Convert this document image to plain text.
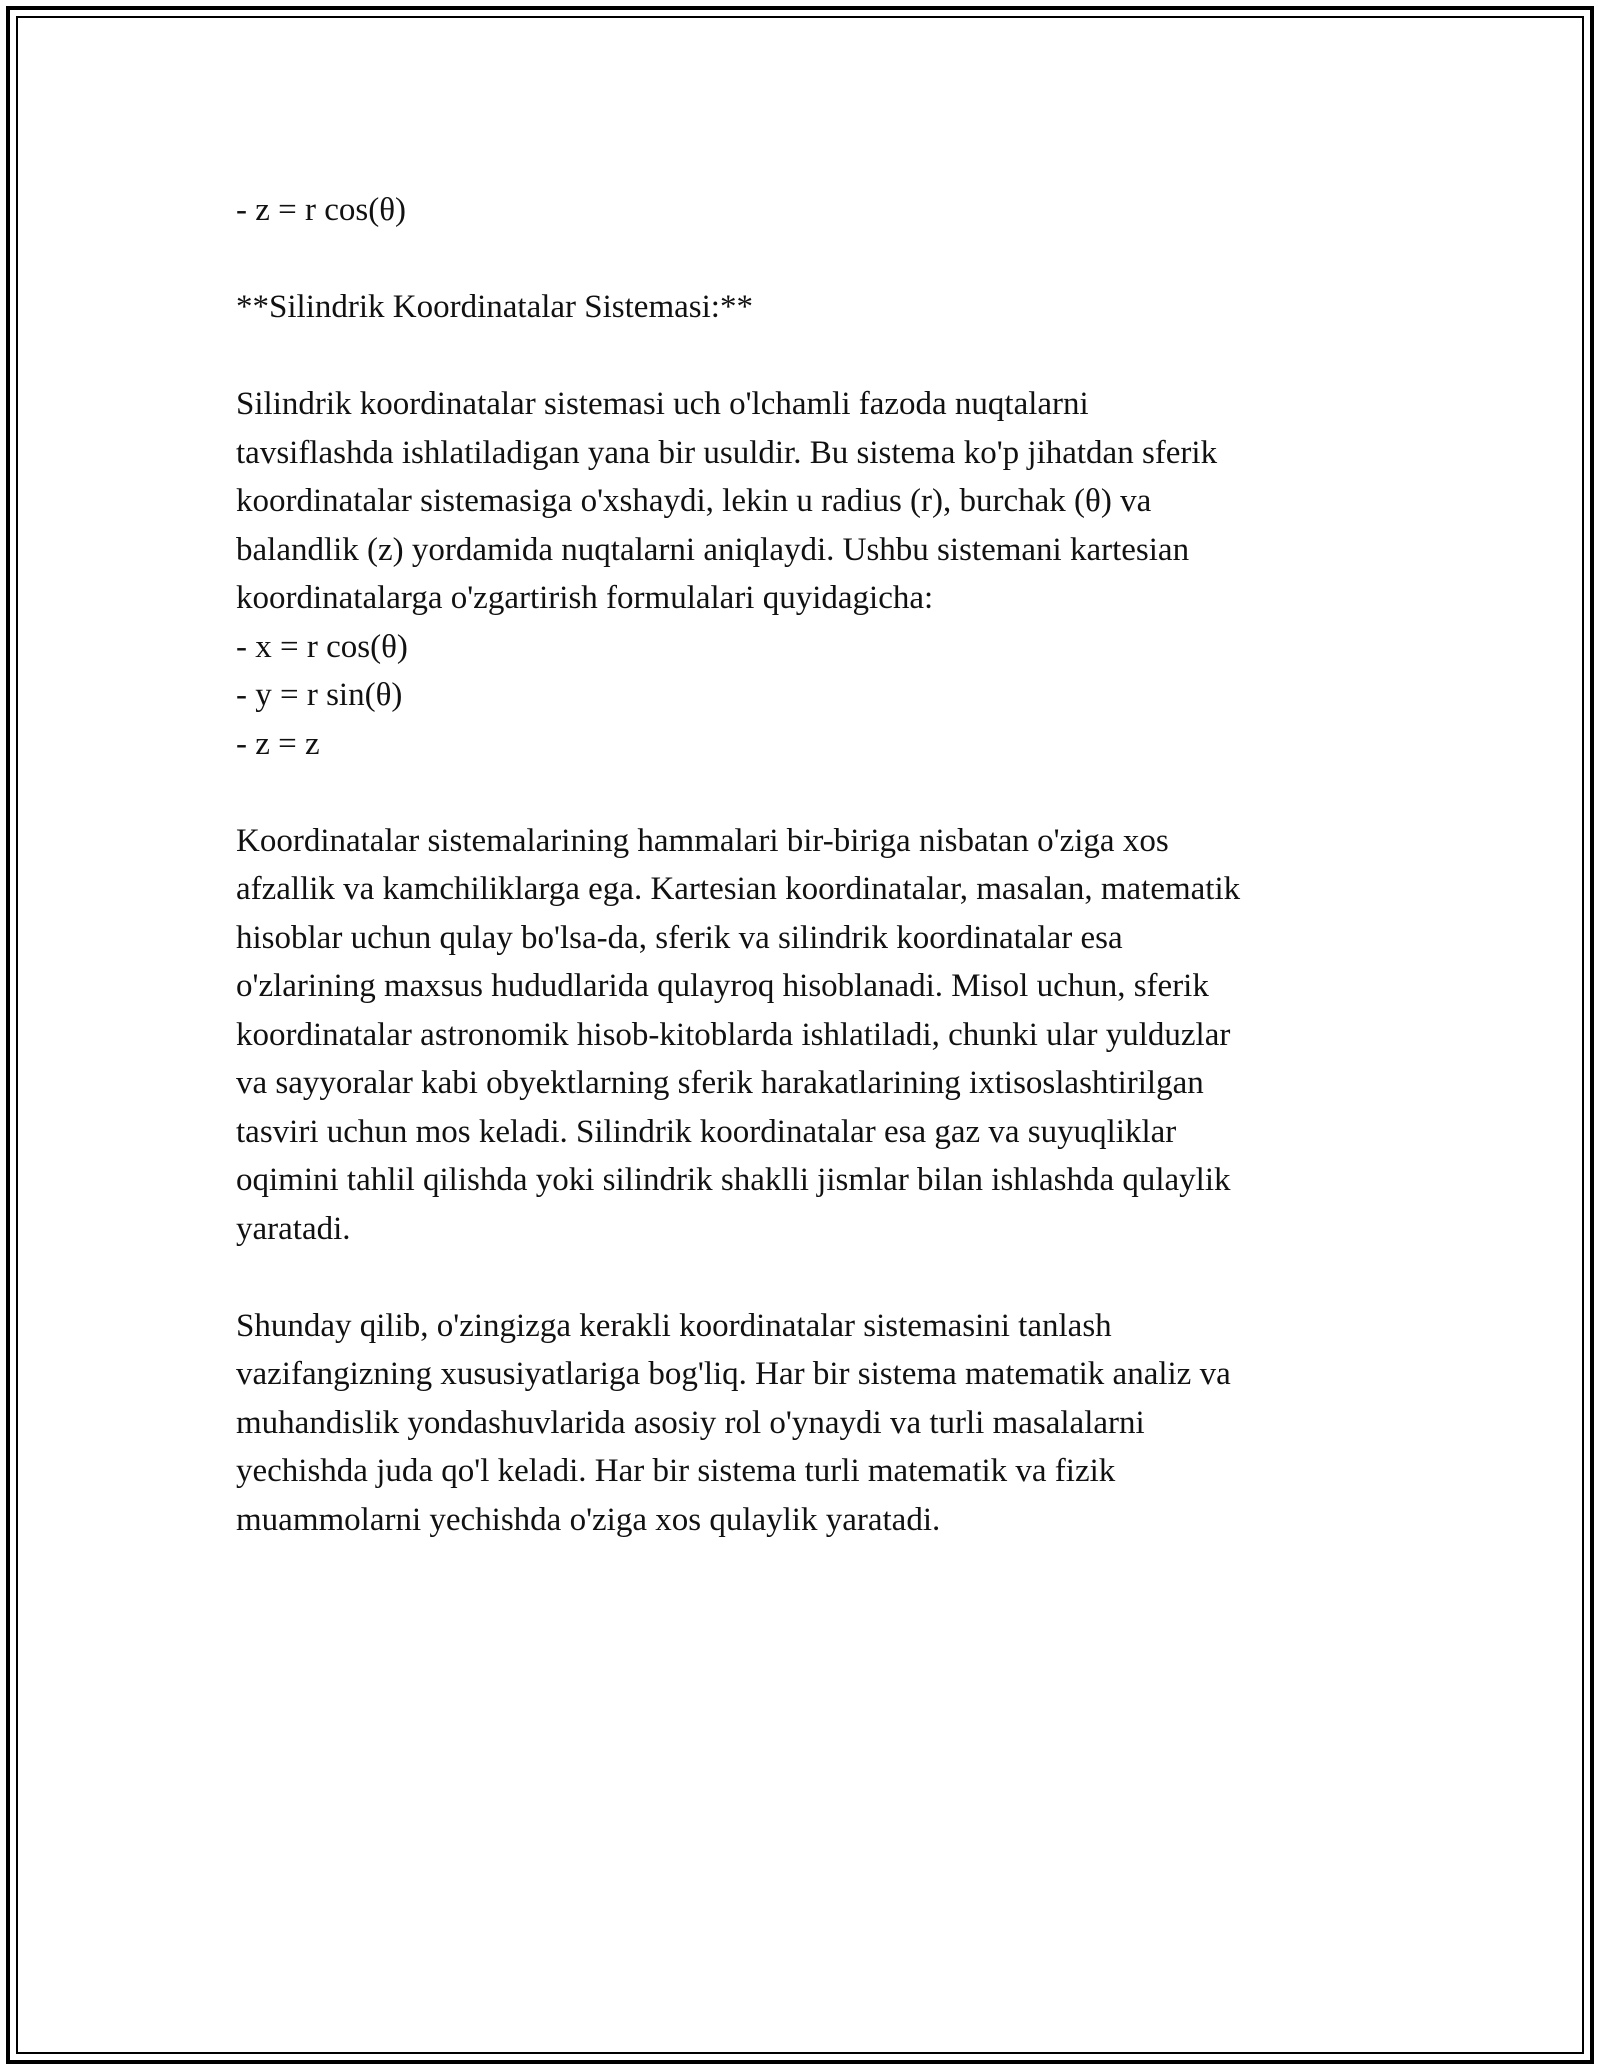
- z = r cos(θ)
**Silindrik Koordinatalar Sistemasi:**
Silindrik koordinatalar sistemasi uch o'lchamli fazoda nuqtalarni
tavsiflashda ishlatiladigan yana bir usuldir. Bu sistema ko'p jihatdan sferik
koordinatalar sistemasiga o'xshaydi, lekin u radius (r), burchak (θ) va
balandlik (z) yordamida nuqtalarni aniqlaydi. Ushbu sistemani kartesian
koordinatalarga o'zgartirish formulalari quyidagicha:
- x = r cos(θ)
- y = r sin(θ)
- z = z
Koordinatalar sistemalarining hammalari bir-biriga nisbatan o'ziga xos
afzallik va kamchiliklarga ega. Kartesian koordinatalar, masalan, matematik
hisoblar uchun qulay bo'lsa-da, sferik va silindrik koordinatalar esa
o'zlarining maxsus hududlarida qulayroq hisoblanadi. Misol uchun, sferik
koordinatalar astronomik hisob-kitoblarda ishlatiladi, chunki ular yulduzlar
va sayyoralar kabi obyektlarning sferik harakatlarining ixtisoslashtirilgan
tasviri uchun mos keladi. Silindrik koordinatalar esa gaz va suyuqliklar
oqimini tahlil qilishda yoki silindrik shaklli jismlar bilan ishlashda qulaylik
yaratadi.
Shunday qilib, o'zingizga kerakli koordinatalar sistemasini tanlash
vazifangizning xususiyatlariga bog'liq. Har bir sistema matematik analiz va
muhandislik yondashuvlarida asosiy rol o'ynaydi va turli masalalarni
yechishda juda qo'l keladi. Har bir sistema turli matematik va fizik
muammolarni yechishda o'ziga xos qulaylik yaratadi.
